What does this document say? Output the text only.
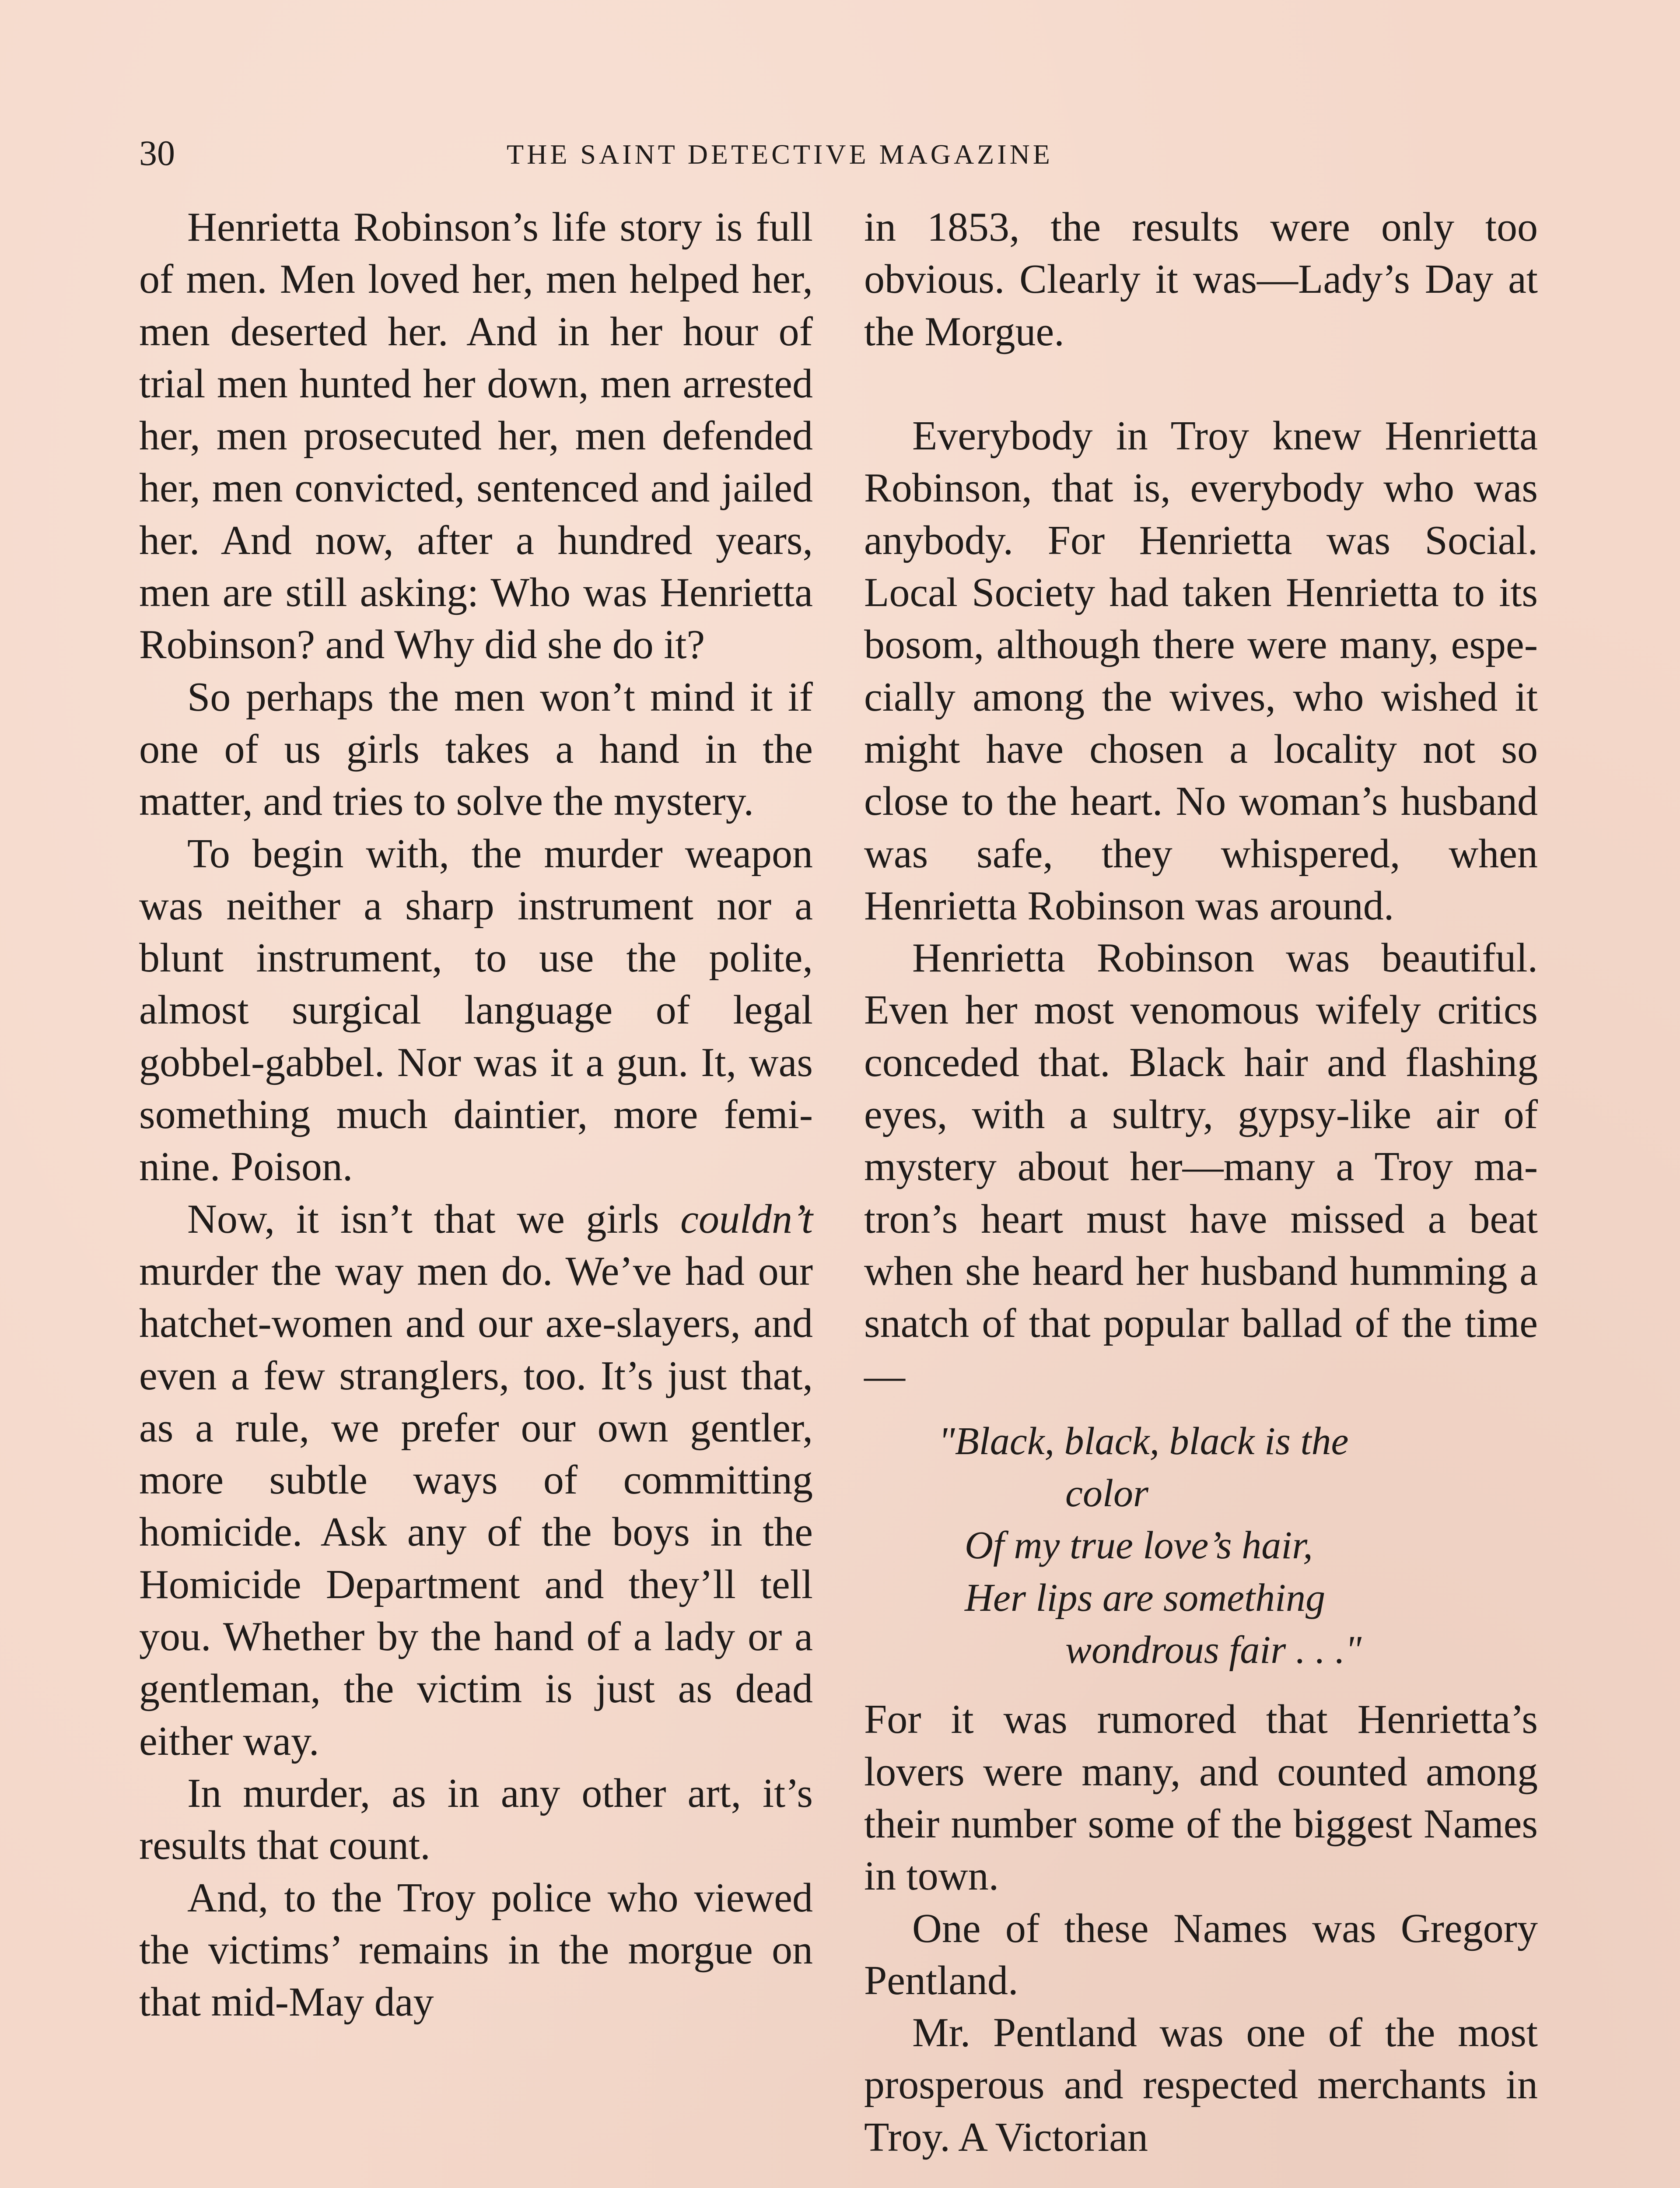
30	THE SAINT DETECTIVE MAGAZINE

Henrietta Robinson’s life story is full of men. Men loved her, men helped her, men deserted her. And in her hour of trial men hunted her down, men arrested her, men prosecuted her, men defended her, men convicted, sentenced and jailed her. And now, after a hundred years, men are still asking: Who was Henrietta Robinson? and Why did she do it?

So perhaps the men won’t mind it if one of us girls takes a hand in the matter, and tries to solve the mystery.

To begin with, the murder weapon was neither a sharp instrument nor a blunt instrument, to use the polite, almost surgical language of legal gobbel-gabbel. Nor was it a gun. It, was something much daintier, more feminine. Poison.

Now, it isn’t that we girls couldn’t murder the way men do. We’ve had our hatchet-women and our axe-slayers, and even a few stranglers, too. It’s just that, as a rule, we prefer our own gentler, more subtle ways of committing homicide. Ask any of the boys in the Homicide Department and they’ll tell you. Whether by the hand of a lady or a gentleman, the victim is just as dead either way.

In murder, as in any other art, it’s results that count.

And, to the Troy police who viewed the victims’ remains in the morgue on that mid-May day

in 1853, the results were only too obvious. Clearly it was—Lady’s Day at the Morgue.

Everybody in Troy knew Henrietta Robinson, that is, everybody who was anybody. For Henrietta was Social. Local Society had taken Henrietta to its bosom, although there were many, especially among the wives, who wished it might have chosen a locality not so close to the heart. No woman’s husband was safe, they whispered, when Henrietta Robinson was around.

Henrietta Robinson was beautiful. Even her most venomous wifely critics conceded that. Black hair and flashing eyes, with a sultry, gypsy-like air of mystery about her—many a Troy matron’s heart must have missed a beat when she heard her husband humming a snatch of that popular ballad of the time—

"Black, black, black is the
color
Of my true love’s hair,
Her lips are something
wondrous fair . . ."

For it was rumored that Henrietta’s lovers were many, and counted among their number some of the biggest Names in town.

One of these Names was Gregory Pentland.

Mr. Pentland was one of the most prosperous and respected merchants in Troy. A Victorian
